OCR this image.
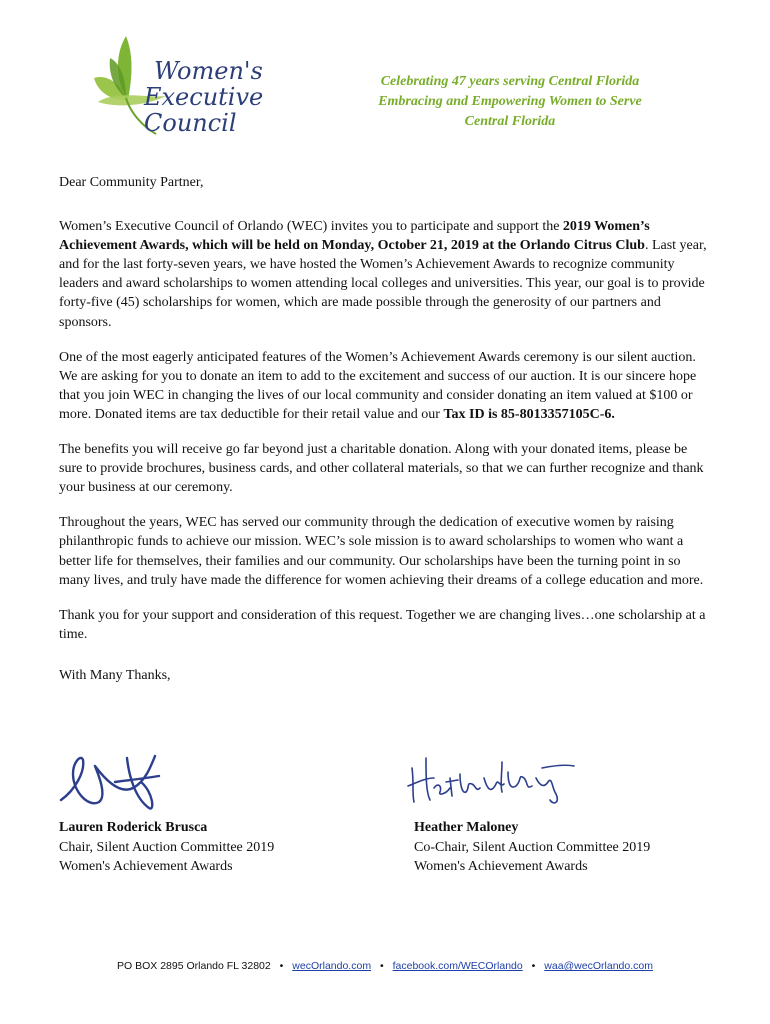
Women's
Executive Council
Celebrating 47 years serving Central Florida
Embracing and Empowering Women to Serve
Central Florida

Dear Community Partner,

Women’s Executive Council of Orlando (WEC) invites you to participate and support the 2019 Women’s Achievement Awards, which will be held on Monday, October 21, 2019 at the Orlando Citrus Club. Last year, and for the last forty-seven years, we have hosted the Women’s Achievement Awards to recognize community leaders and award scholarships to women attending local colleges and universities. This year, our goal is to provide forty-five (45) scholarships for women, which are made possible through the generosity of our partners and sponsors.

One of the most eagerly anticipated features of the Women’s Achievement Awards ceremony is our silent auction. We are asking for you to donate an item to add to the excitement and success of our auction. It is our sincere hope that you join WEC in changing the lives of our local community and consider donating an item valued at $100 or more. Donated items are tax deductible for their retail value and our Tax ID is 85-8013357105C-6.

The benefits you will receive go far beyond just a charitable donation. Along with your donated items, please be sure to provide brochures, business cards, and other collateral materials, so that we can further recognize and thank your business at our ceremony.

Throughout the years, WEC has served our community through the dedication of executive women by raising philanthropic funds to achieve our mission. WEC’s sole mission is to award scholarships to women who want a better life for themselves, their families and our community. Our scholarships have been the turning point in so many lives, and truly have made the difference for women achieving their dreams of a college education and more.

Thank you for your support and consideration of this request. Together we are changing lives…one scholarship at a time.

With Many Thanks,

Lauren Roderick Brusca
Chair, Silent Auction Committee 2019
Women's Achievement Awards
Heather Maloney
Co-Chair, Silent Auction Committee 2019
Women's Achievement Awards
PO BOX 2895 Orlando FL 32802 • wecOrlando.com • facebook.com/WECOrlando • waa@wecOrlando.com
